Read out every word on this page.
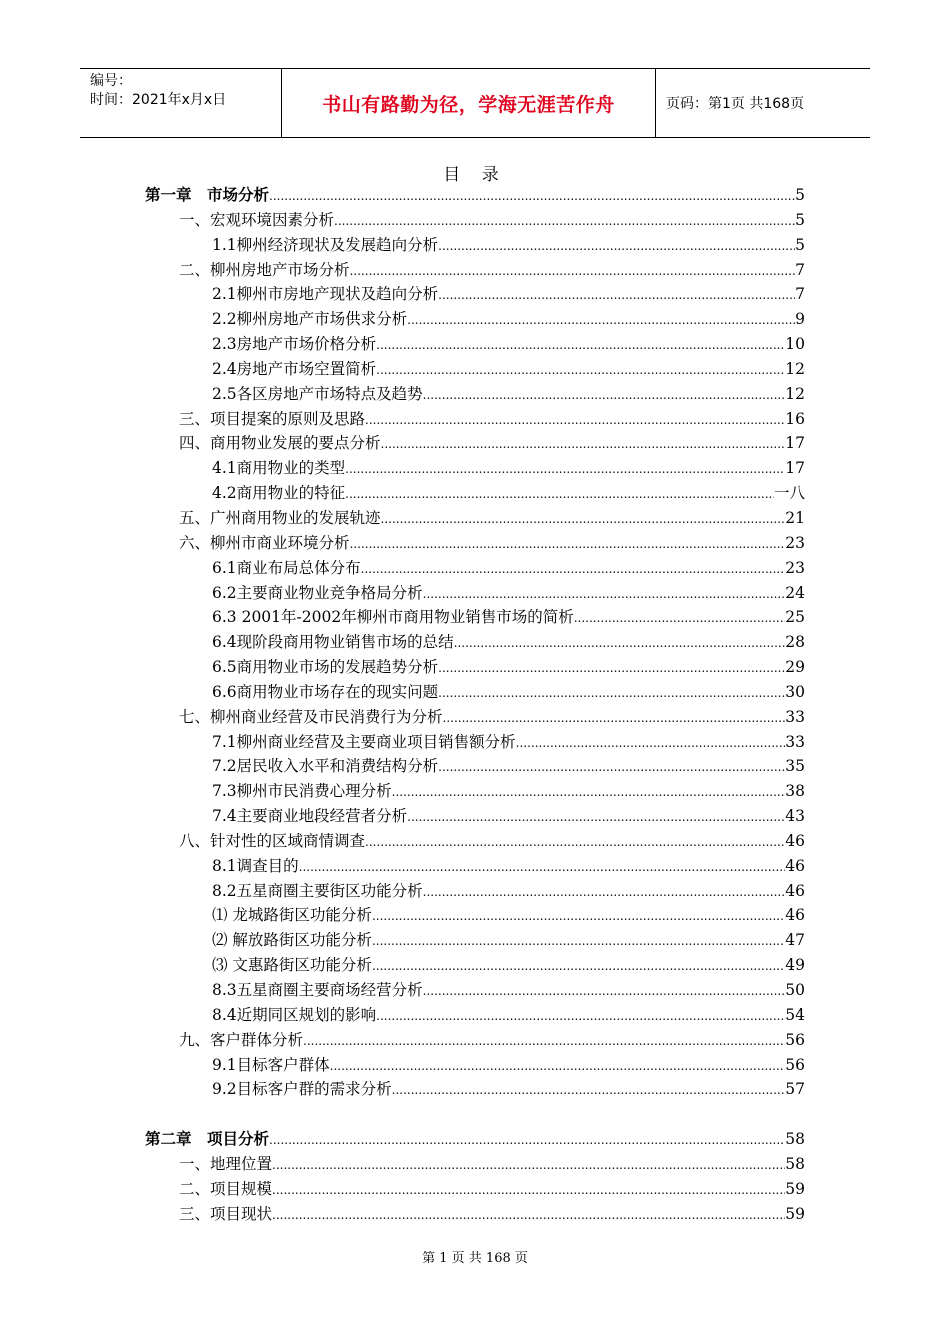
编号：
时间：2021年x月x日	书山有路勤为径，学海无涯苦作舟	页码：第1页 共168页
目 录
第一章　市场分析 .....	5
一、宏观环境因素分析 .....	5
1.1柳州经济现状及发展趋向分析 .....	5
二、柳州房地产市场分析 .....	7
2.1柳州市房地产现状及趋向分析 .....	7
2.2柳州房地产市场供求分析 .....	9
2.3房地产市场价格分析 .....	10
2.4房地产市场空置简析 .....	12
2.5各区房地产市场特点及趋势 .....	12
三、项目提案的原则及思路 .....	16
四、商用物业发展的要点分析 .....	17
4.1商用物业的类型 .....	17
4.2商用物业的特征 .....	一八
五、广州商用物业的发展轨迹 .....	21
六、柳州市商业环境分析 .....	23
6.1商业布局总体分布 .....	23
6.2主要商业物业竞争格局分析 .....	24
6.3 2001年-2002年柳州市商用物业销售市场的简析 .....	25
6.4现阶段商用物业销售市场的总结 .....	28
6.5商用物业市场的发展趋势分析 .....	29
6.6商用物业市场存在的现实问题 .....	30
七、柳州商业经营及市民消费行为分析 .....	33
7.1柳州商业经营及主要商业项目销售额分析 .....	33
7.2居民收入水平和消费结构分析 .....	35
7.3柳州市民消费心理分析 .....	38
7.4主要商业地段经营者分析 .....	43
八、针对性的区域商情调查 .....	46
8.1调查目的 .....	46
8.2五星商圈主要街区功能分析 .....	46
⑴ 龙城路街区功能分析 .....	46
⑵ 解放路街区功能分析 .....	47
⑶ 文惠路街区功能分析 .....	49
8.3五星商圈主要商场经营分析 .....	50
8.4近期同区规划的影响 .....	54
九、客户群体分析 .....	56
9.1目标客户群体 .....	56
9.2目标客户群的需求分析 .....	57
第二章　项目分析 .....	58
一、地理位置 .....	58
二、项目规模 .....	59
三、项目现状 .....	59
第 1 页 共 168 页
